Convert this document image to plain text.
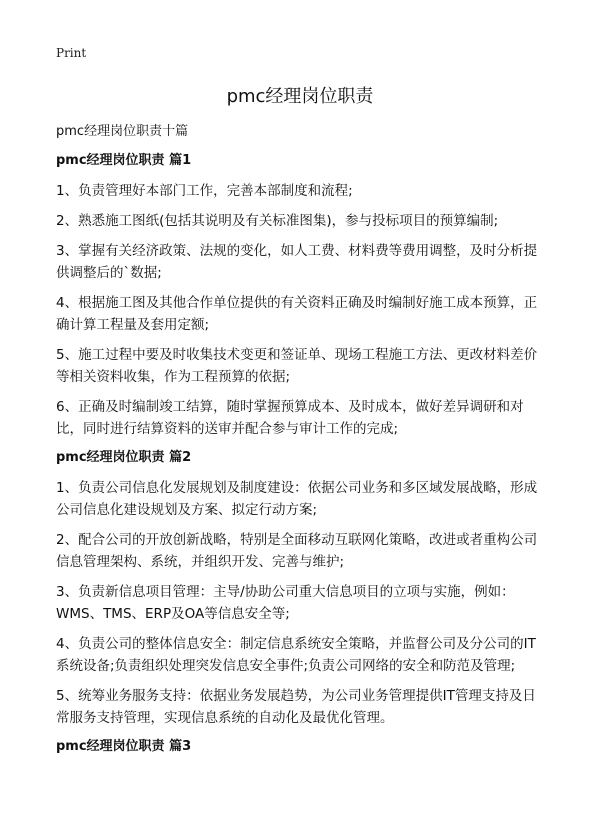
Print
pmc经理岗位职责

pmc经理岗位职责十篇

pmc经理岗位职责 篇1

1、负责管理好本部门工作，完善本部制度和流程;

2、熟悉施工图纸(包括其说明及有关标准图集)，参与投标项目的预算编制;

3、掌握有关经济政策、法规的变化，如人工费、材料费等费用调整，及时分析提供调整后的`数据;

4、根据施工图及其他合作单位提供的有关资料正确及时编制好施工成本预算，正确计算工程量及套用定额;

5、施工过程中要及时收集技术变更和签证单、现场工程施工方法、更改材料差价等相关资料收集，作为工程预算的依据;

6、正确及时编制竣工结算，随时掌握预算成本、及时成本，做好差异调研和对比，同时进行结算资料的送审并配合参与审计工作的完成;

pmc经理岗位职责 篇2

1、负责公司信息化发展规划及制度建设：依据公司业务和多区域发展战略，形成公司信息化建设规划及方案、拟定行动方案;

2、配合公司的开放创新战略，特别是全面移动互联网化策略，改进或者重构公司信息管理架构、系统，并组织开发、完善与维护;

3、负责新信息项目管理：主导/协助公司重大信息项目的立项与实施，例如：WMS、TMS、ERP及OA等信息安全等;

4、负责公司的整体信息安全：制定信息系统安全策略，并监督公司及分公司的IT系统设备;负责组织处理突发信息安全事件;负责公司网络的安全和防范及管理;

5、统筹业务服务支持：依据业务发展趋势，为公司业务管理提供IT管理支持及日常服务支持管理，实现信息系统的自动化及最优化管理。

pmc经理岗位职责 篇3
